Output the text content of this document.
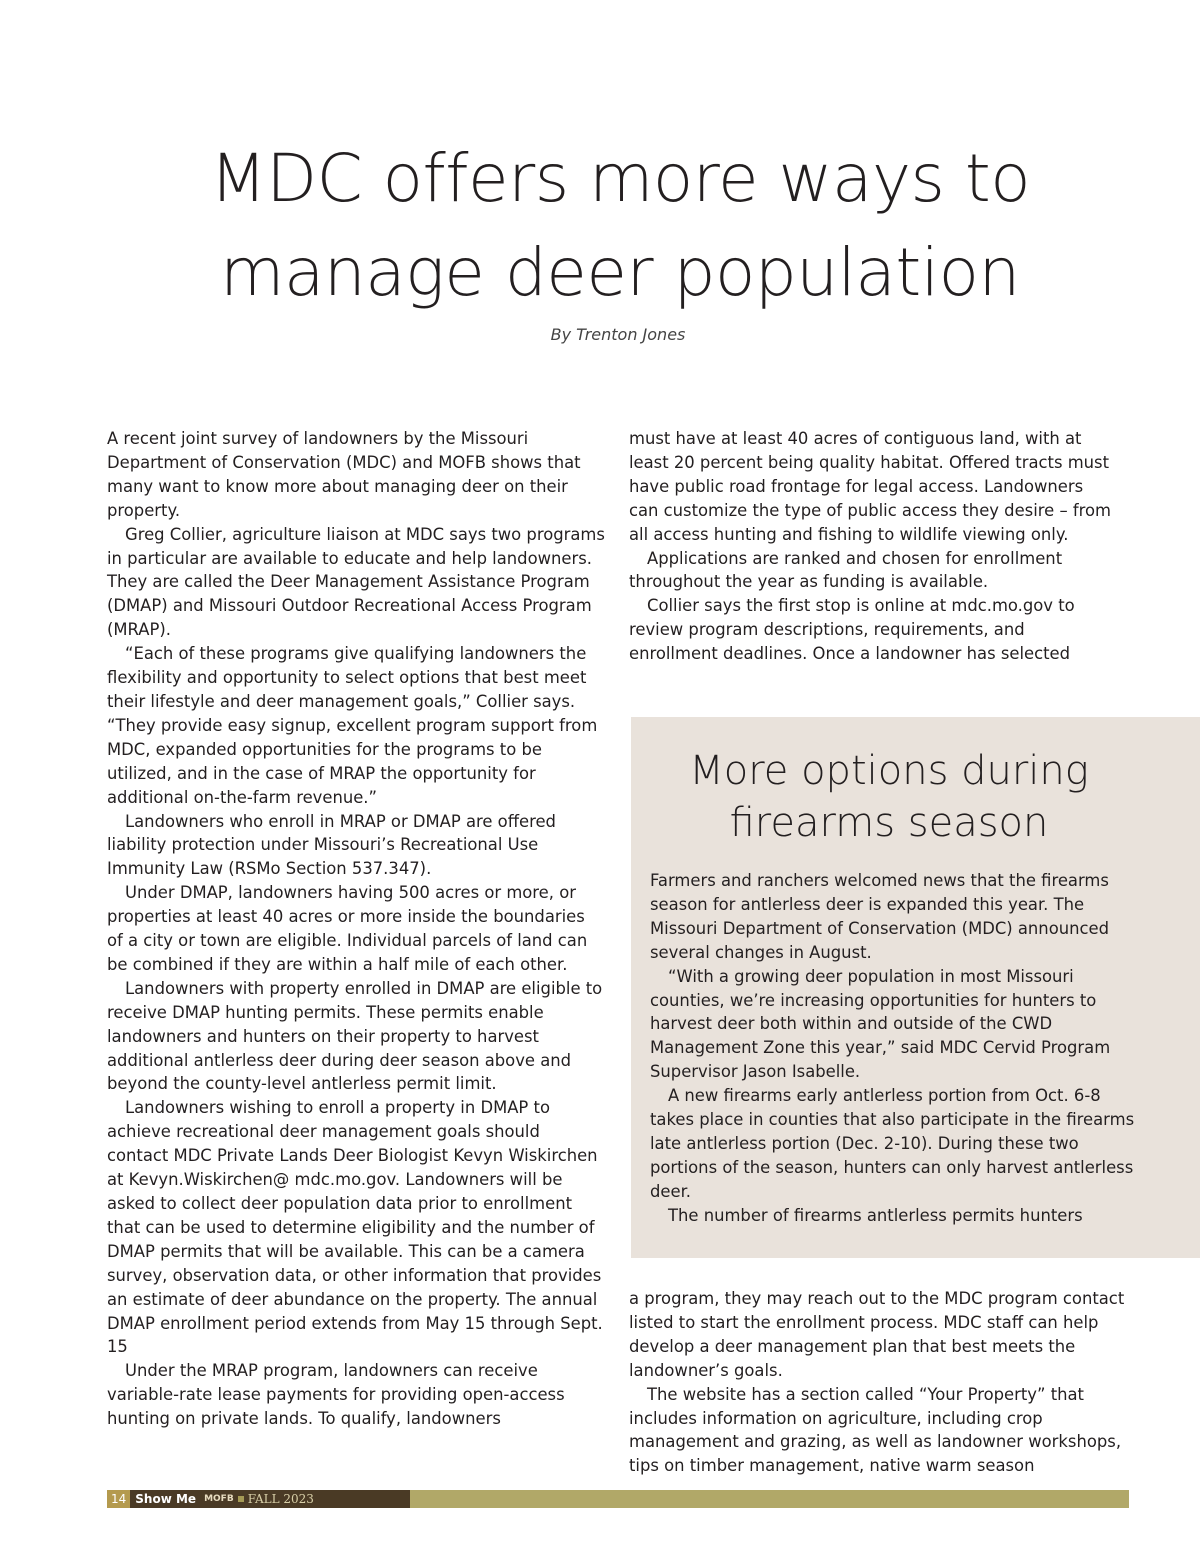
MDC offers more ways to
manage deer population
By Trenton Jones

A recent joint survey of landowners by the Missouri Department of Conservation (MDC) and MOFB shows that many want to know more about managing deer on their property.

Greg Collier, agriculture liaison at MDC says two programs in particular are available to educate and help landowners. They are called the Deer Management Assistance Program (DMAP) and Missouri Outdoor Recreational Access Program (MRAP).

“Each of these programs give qualifying landowners the flexibility and opportunity to select options that best meet their lifestyle and deer management goals,” Collier says. “They provide easy signup, excellent program support from MDC, expanded opportunities for the programs to be utilized, and in the case of MRAP the opportunity for additional on-the-farm revenue.”

Landowners who enroll in MRAP or DMAP are offered liability protection under Missouri’s Recreational Use Immunity Law (RSMo Section 537.347).

Under DMAP, landowners having 500 acres or more, or properties at least 40 acres or more inside the boundaries of a city or town are eligible. Individual parcels of land can be combined if they are within a half mile of each other.

Landowners with property enrolled in DMAP are eligible to receive DMAP hunting permits. These permits enable landowners and hunters on their property to harvest additional antlerless deer during deer season above and beyond the county-level antlerless permit limit.

Landowners wishing to enroll a property in DMAP to achieve recreational deer management goals should contact MDC Private Lands Deer Biologist Kevyn Wiskirchen at Kevyn.Wiskirchen@ mdc.mo.gov. Landowners will be asked to collect deer population data prior to enrollment that can be used to determine eligibility and the number of DMAP permits that will be available. This can be a camera survey, observation data, or other information that provides an estimate of deer abundance on the property. The annual DMAP enrollment period extends from May 15 through Sept. 15

Under the MRAP program, landowners can receive variable-rate lease payments for providing open-access hunting on private lands. To qualify, landowners

must have at least 40 acres of contiguous land, with at least 20 percent being quality habitat. Offered tracts must have public road frontage for legal access. Landowners can customize the type of public access they desire – from all access hunting and fishing to wildlife viewing only.

Applications are ranked and chosen for enrollment throughout the year as funding is available.

Collier says the first stop is online at mdc.mo.gov to review program descriptions, requirements, and enrollment deadlines. Once a landowner has selected

More options during
firearms season

Farmers and ranchers welcomed news that the firearms season for antlerless deer is expanded this year. The Missouri Department of Conservation (MDC) announced several changes in August.

“With a growing deer population in most Missouri counties, we’re increasing opportunities for hunters to harvest deer both within and outside of the CWD Management Zone this year,” said MDC Cervid Program Supervisor Jason Isabelle.

A new firearms early antlerless portion from Oct. 6-8 takes place in counties that also participate in the firearms late antlerless portion (Dec. 2-10). During these two portions of the season, hunters can only harvest antlerless deer.

The number of firearms antlerless permits hunters

a program, they may reach out to the MDC program contact listed to start the enrollment process. MDC staff can help develop a deer management plan that best meets the landowner’s goals.

The website has a section called “Your Property” that includes information on agriculture, including crop management and grazing, as well as landowner workshops, tips on timber management, native warm season

14 Show Me MOFB FALL 2023
